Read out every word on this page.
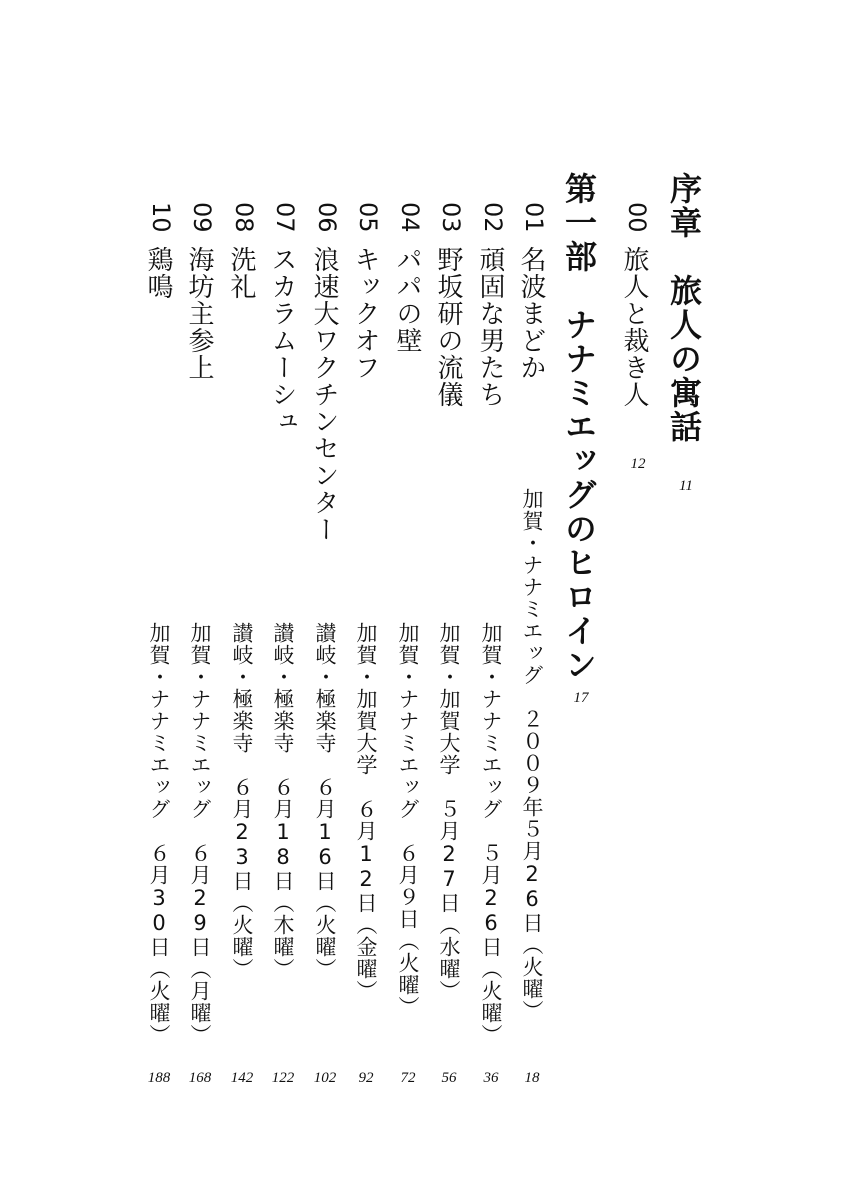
序章　旅人の寓話
11
00
旅人と裁き人
12
第一部　ナナミエッグのヒロイン
17
01
名波まどか
加賀・ナナミエッグ　２００９年５月26日（火曜）
18
02
頑固な男たち
加賀・ナナミエッグ　５月26日（火曜）
36
03
野坂研の流儀
加賀・加賀大学　５月27日（水曜）
56
04
パパの壁
加賀・ナナミエッグ　６月９日（火曜）
72
05
キックオフ
加賀・加賀大学　６月12日（金曜）
92
06
浪速大ワクチンセンター
讃岐・極楽寺　６月16日（火曜）
102
07
スカラムーシュ
讃岐・極楽寺　６月18日（木曜）
122
08
洗礼
讃岐・極楽寺　６月23日（火曜）
142
09
海坊主参上
加賀・ナナミエッグ　６月29日（月曜）
168
10
鶏鳴
加賀・ナナミエッグ　６月30日（火曜）
188
